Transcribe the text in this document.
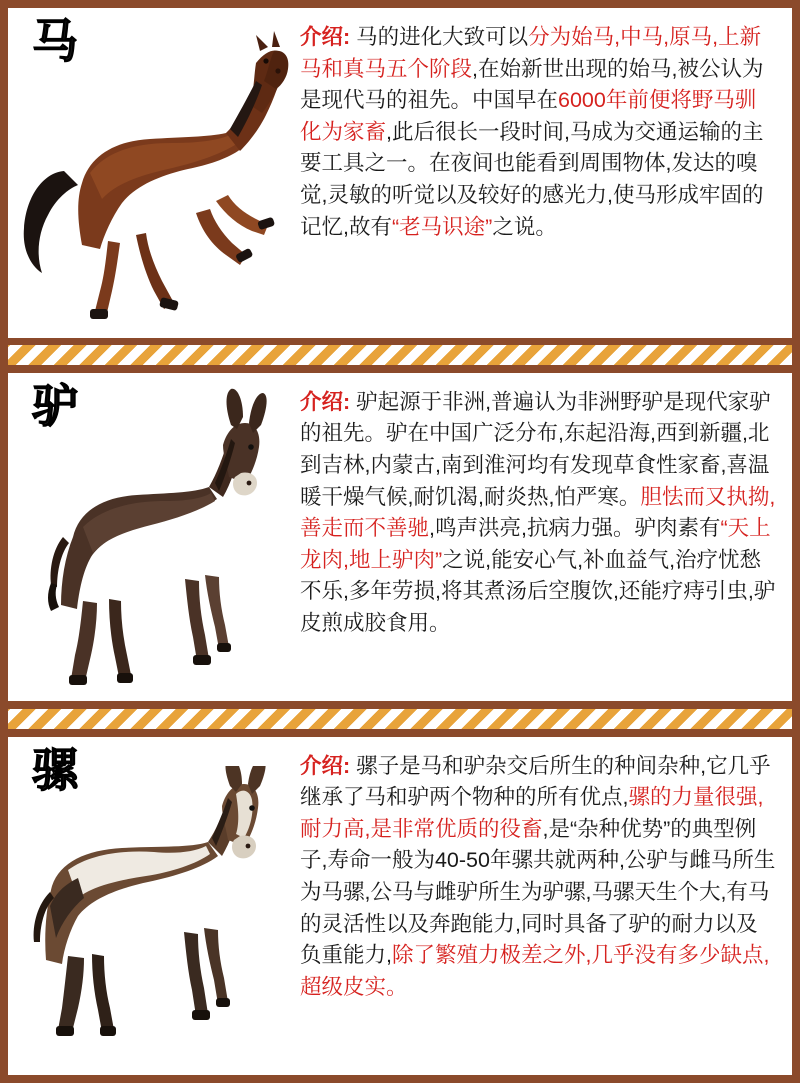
马	介绍: 马的进化大致可以分为始马,中马,原马,上新马和真马五个阶段,在始新世出现的始马,被公认为是现代马的祖先。中国早在6000年前便将野马驯化为家畜,此后很长一段时间,马成为交通运输的主要工具之一。在夜间也能看到周围物体,发达的嗅觉,灵敏的听觉以及较好的感光力,使马形成牢固的记忆,故有“老马识途”之说。
驴	介绍: 驴起源于非洲,普遍认为非洲野驴是现代家驴的祖先。驴在中国广泛分布,东起沿海,西到新疆,北到吉林,内蒙古,南到淮河均有发现草食性家畜,喜温暖干燥气候,耐饥渴,耐炎热,怕严寒。胆怯而又执拗,善走而不善驰,鸣声洪亮,抗病力强。驴肉素有“天上龙肉,地上驴肉”之说,能安心气,补血益气,治疗忧愁不乐,多年劳损,将其煮汤后空腹饮,还能疗痔引虫,驴皮煎成胶食用。
骡	介绍: 骡子是马和驴杂交后所生的种间杂种,它几乎继承了马和驴两个物种的所有优点,骡的力量很强,耐力高,是非常优质的役畜,是“杂种优势”的典型例子,寿命一般为40-50年骡共就两种,公驴与雌马所生为马骡,公马与雌驴所生为驴骡,马骡天生个大,有马的灵活性以及奔跑能力,同时具备了驴的耐力以及负重能力,除了繁殖力极差之外,几乎没有多少缺点,超级皮实。
